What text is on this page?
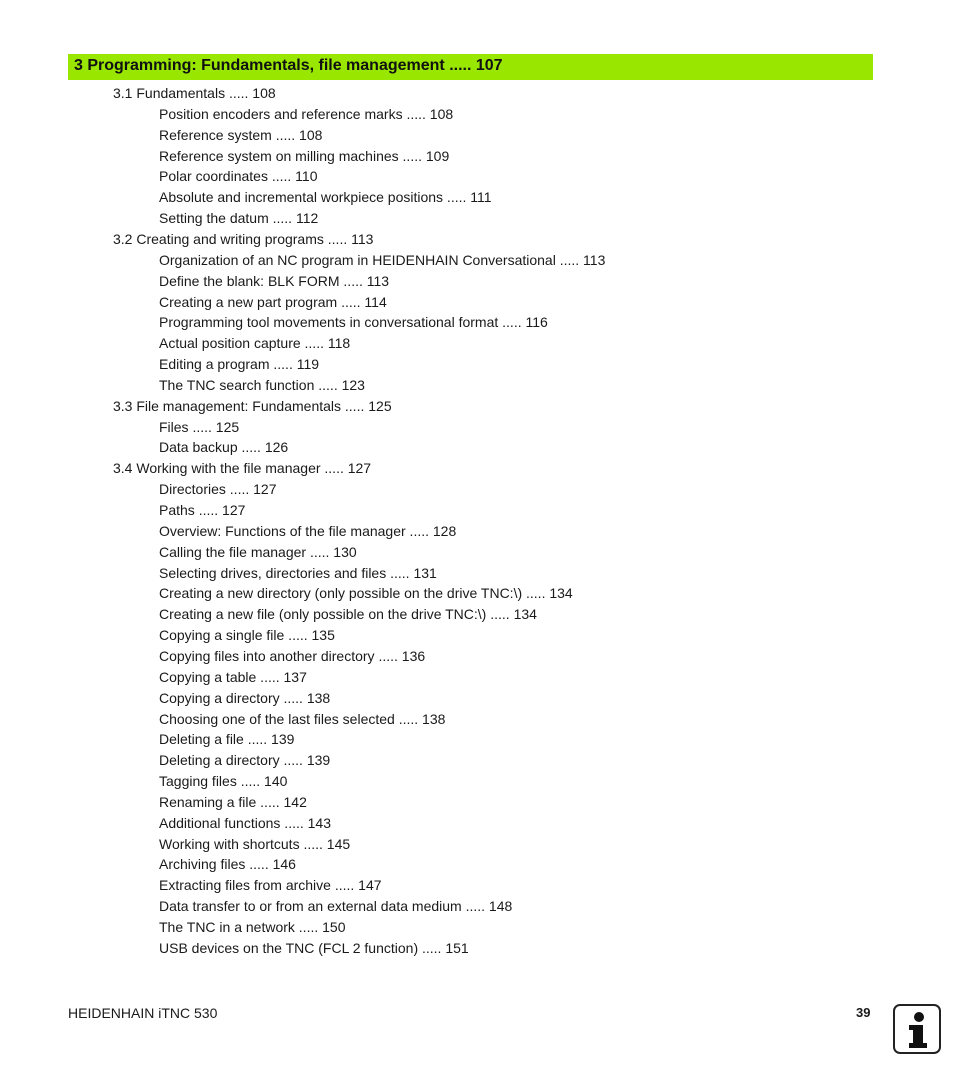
3 Programming: Fundamentals, file management ..... 107
3.1 Fundamentals ..... 108
Position encoders and reference marks ..... 108
Reference system ..... 108
Reference system on milling machines ..... 109
Polar coordinates ..... 110
Absolute and incremental workpiece positions ..... 111
Setting the datum ..... 112
3.2 Creating and writing programs ..... 113
Organization of an NC program in HEIDENHAIN Conversational ..... 113
Define the blank: BLK FORM ..... 113
Creating a new part program ..... 114
Programming tool movements in conversational format ..... 116
Actual position capture ..... 118
Editing a program ..... 119
The TNC search function ..... 123
3.3 File management: Fundamentals ..... 125
Files ..... 125
Data backup ..... 126
3.4 Working with the file manager ..... 127
Directories ..... 127
Paths ..... 127
Overview: Functions of the file manager ..... 128
Calling the file manager ..... 130
Selecting drives, directories and files ..... 131
Creating a new directory (only possible on the drive TNC:\) ..... 134
Creating a new file (only possible on the drive TNC:\) ..... 134
Copying a single file ..... 135
Copying files into another directory ..... 136
Copying a table ..... 137
Copying a directory ..... 138
Choosing one of the last files selected ..... 138
Deleting a file ..... 139
Deleting a directory ..... 139
Tagging files ..... 140
Renaming a file ..... 142
Additional functions ..... 143
Working with shortcuts ..... 145
Archiving files ..... 146
Extracting files from archive ..... 147
Data transfer to or from an external data medium ..... 148
The TNC in a network ..... 150
USB devices on the TNC (FCL 2 function) ..... 151
HEIDENHAIN iTNC 530	39
